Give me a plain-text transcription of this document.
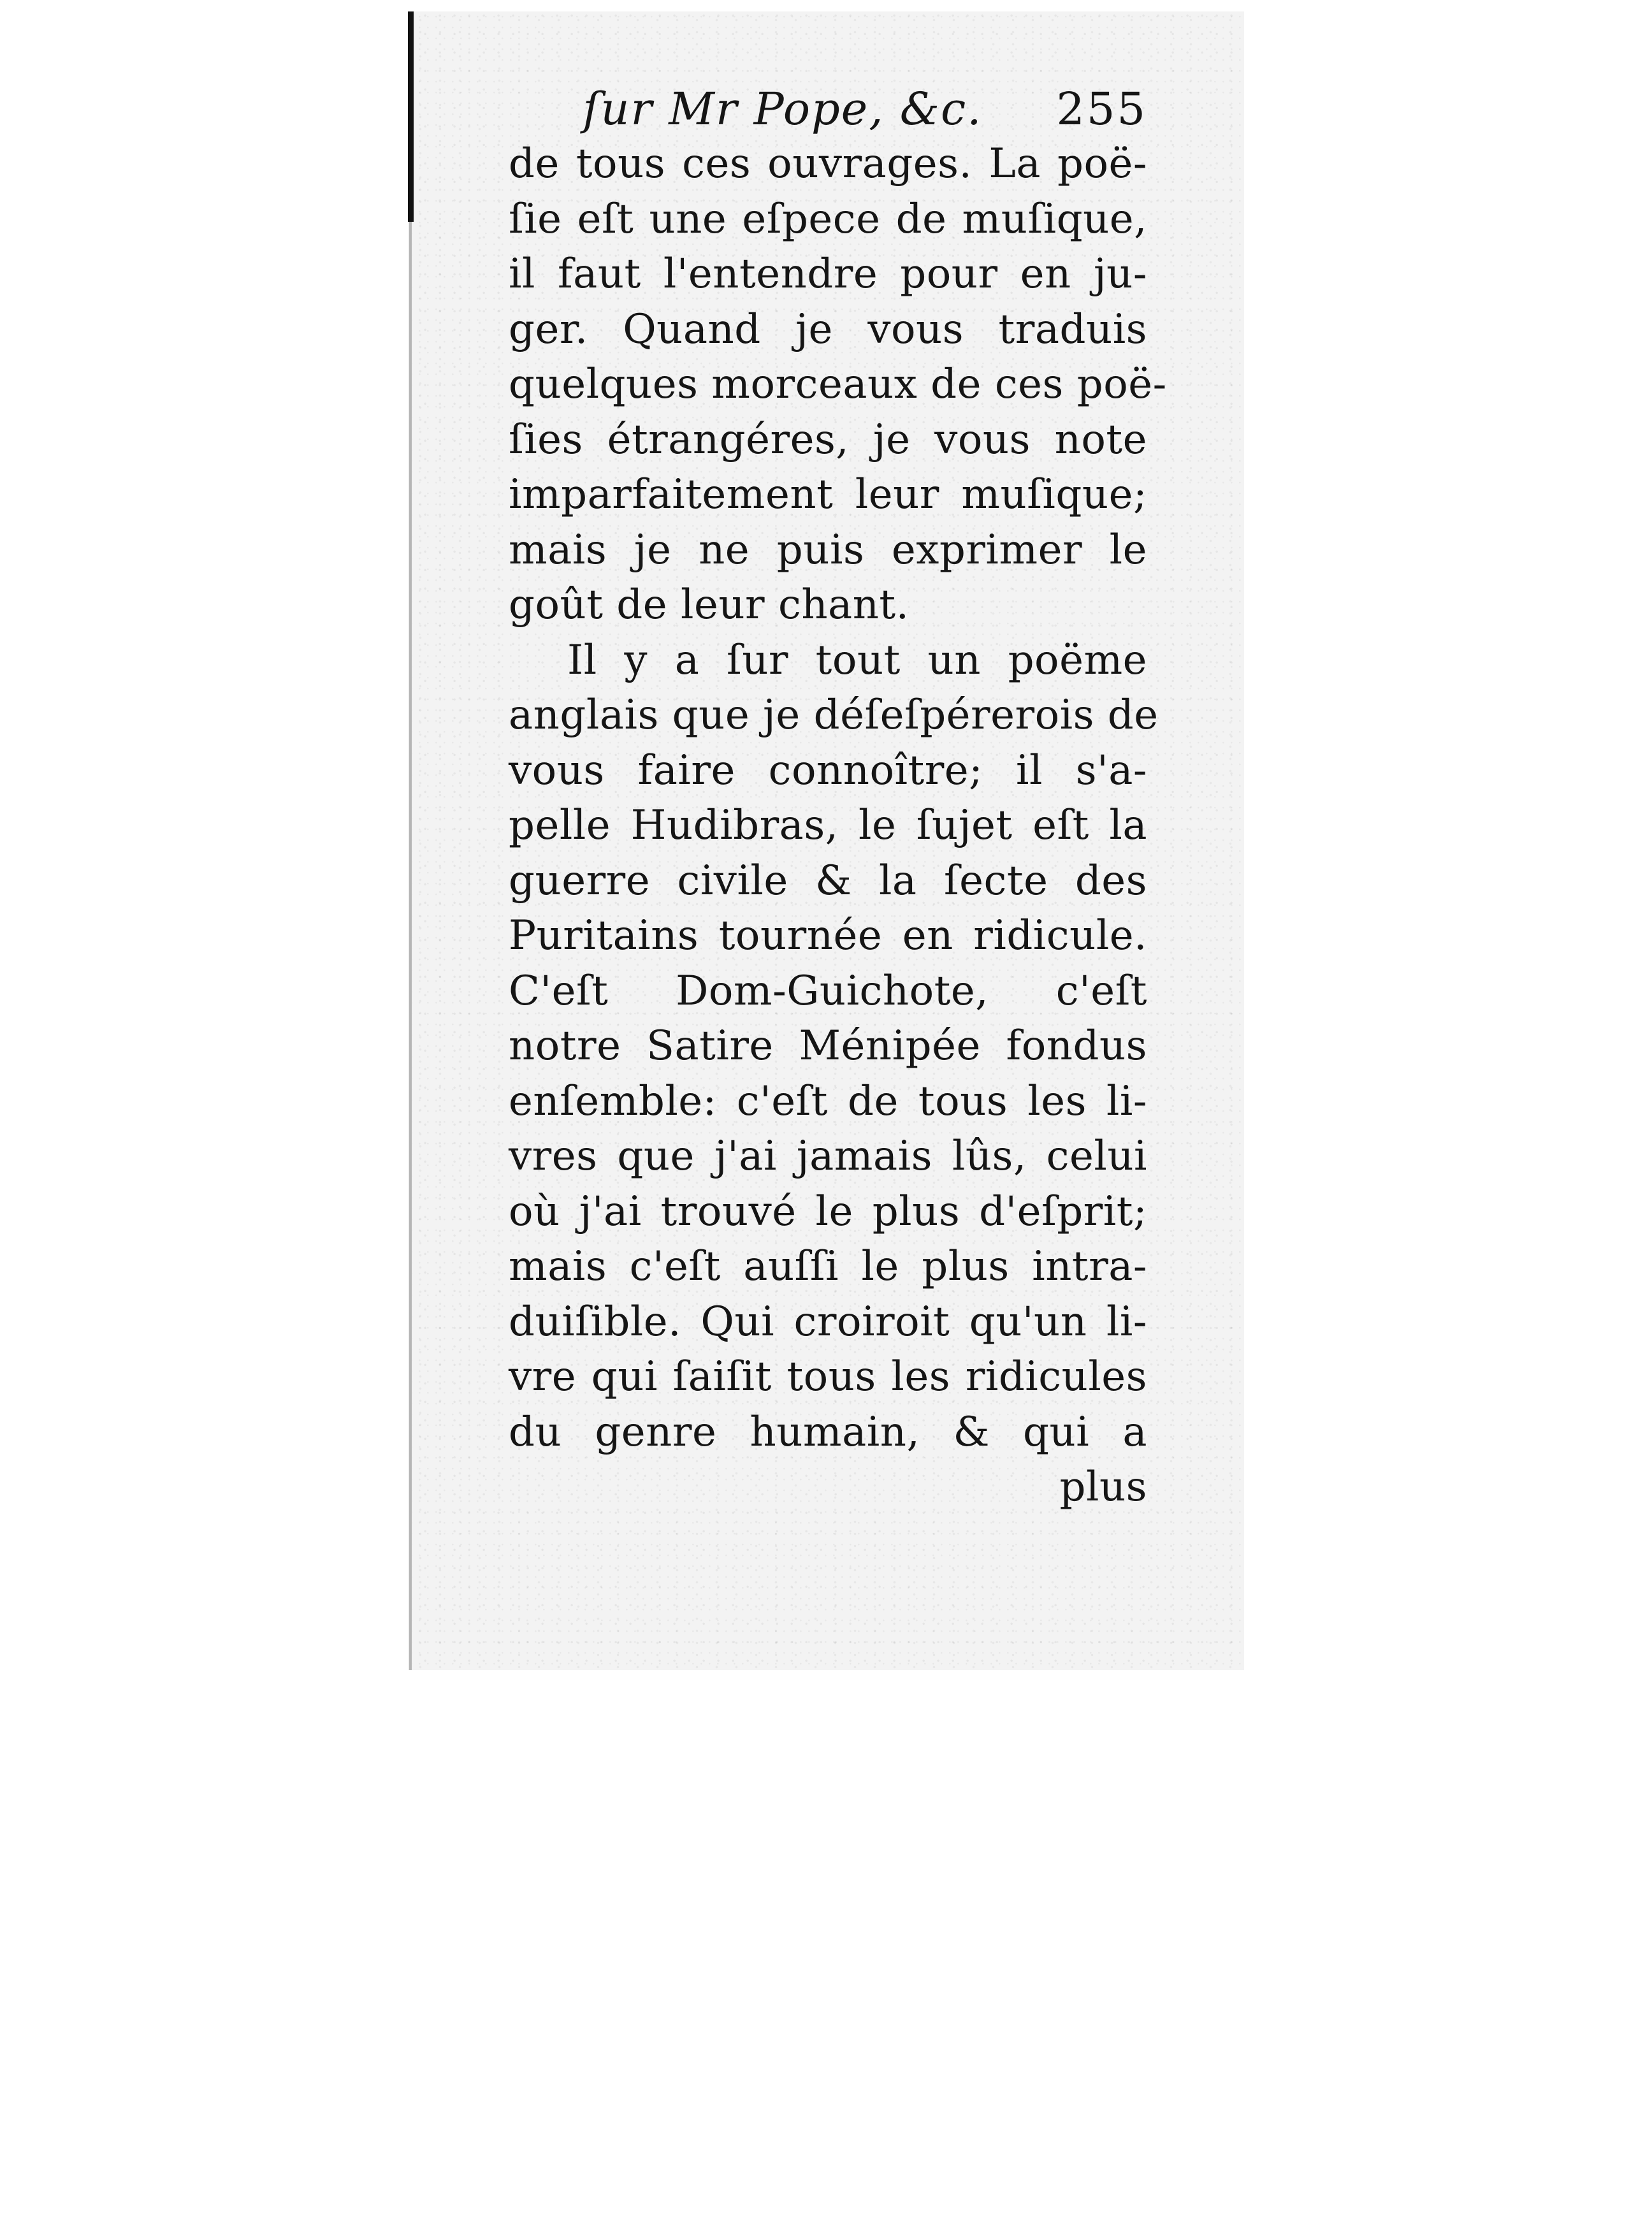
ſur Mr Pope, &c.	255
de tous ces ouvrages. La poë-
ſie eſt une eſpece de muſique,
il faut l'entendre pour en ju-
ger. Quand je vous traduis
quelques morceaux de ces poë-
ſies étrangéres, je vous note
imparfaitement leur muſique;
mais je ne puis exprimer le
goût de leur chant.
Il y a ſur tout un poëme
anglais que je déſeſpérerois de
vous faire connoître; il s'a-
pelle Hudibras, le ſujet eſt la
guerre civile & la ſecte des
Puritains tournée en ridicule.
C'eſt Dom-Guichote, c'eſt
notre Satire Ménipée fondus
enſemble: c'eſt de tous les li-
vres que j'ai jamais lûs, celui
où j'ai trouvé le plus d'eſprit;
mais c'eſt auſſi le plus intra-
duiſible. Qui croiroit qu'un li-
vre qui ſaiſit tous les ridicules
du genre humain, & qui a
plus
